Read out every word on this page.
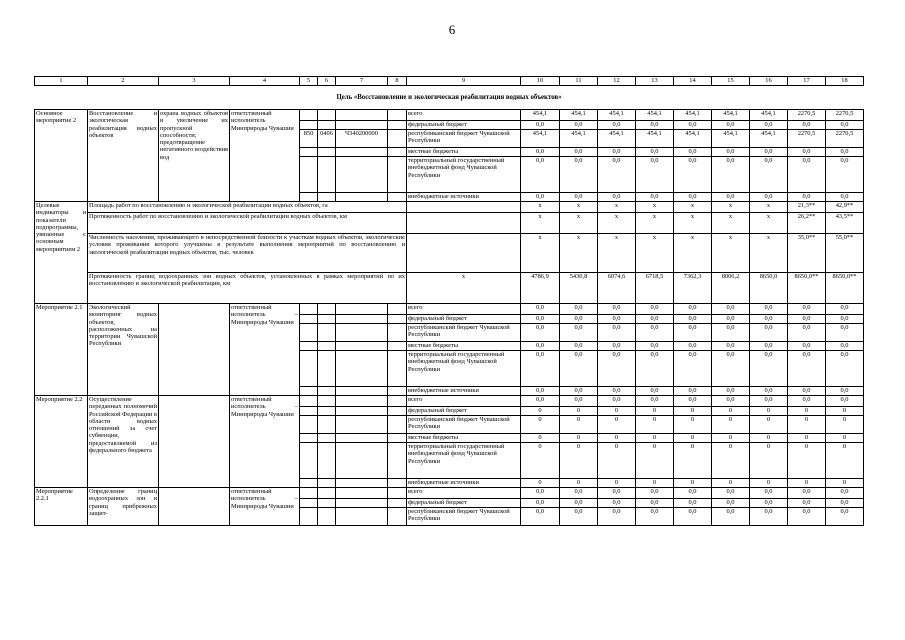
6
1	2	3	4	5	6	7	8	9	10	11	12	13	14	15	16	17	18
Цель «Восстановление и экологическая реабилитация водных объектов»																	
Основное мероприятие 2	Восстановление и экологическая реабилитация водных объектов	охрана водных объектов и увеличение их пропускной способности; предотвращение негативного воздействия вод	ответственный исполнитель Минприроды Чувашии					всего	454,1	454,1	454,1	454,1	454,1	454,1	454,1	2270,5	2270,5
								федеральный бюджет	0,0	0,0	0,0	0,0	0,0	0,0	0,0	0,0	0,0
				850	0406	Ч340200000		республиканский бюджет Чувашской Республики	454,1	454,1	454,1	454,1	454,1	454,1	454,1	2270,5	2270,5
								местные бюджеты	0,0	0,0	0,0	0,0	0,0	0,0	0,0	0,0	0,0
								территориальный государственный внебюджетный фонд Чувашской Республики	0,0	0,0	0,0	0,0	0,0	0,0	0,0	0,0	0,0
								внебюджетные источники	0,0	0,0	0,0	0,0	0,0	0,0	0,0	0,0	0,0
Целевые индикаторы и показатели подпрограммы, увязанные с основным мероприятием 2	Площадь работ по восстановлению и экологической реабилитации водных объектов, га								x	x	x	x	x	x	x	21,3**	42,9**
	Протяженность работ по восстановлению и экологической реабилитации водных объектов, км								x	x	x	x	x	x	x	26,2**	43,5**
	Численность населения, проживающего в непосредственной близости к участкам водных объектов, экологические условия проживания которого улучшены в результате выполнения мероприятий по восстановлению и экологической реабилитации водных объектов, тыс. человек								x	x	x	x	x	x	x	35,0**	55,0**
	Протяженность границ водоохранных зон водных объектов, установленных в рамках мероприятий по их восстановлению и экологической реабилитации, км							x	4786,9	5430,8	6074,6	6718,5	7362,3	8006,2	8650,0	8650,0**	8650,0**
Мероприятие 2.1	Экологический мониторинг водных объектов, расположенных на территории Чувашской Республики		ответственный исполнитель – Минприроды Чувашии					всего	0,0	0,0	0,0	0,0	0,0	0,0	0,0	0,0	0,0
								федеральный бюджет	0,0	0,0	0,0	0,0	0,0	0,0	0,0	0,0	0,0
								республиканский бюджет Чувашской Республики	0,0	0,0	0,0	0,0	0,0	0,0	0,0	0,0	0,0
								местные бюджеты	0,0	0,0	0,0	0,0	0,0	0,0	0,0	0,0	0,0
								территориальный государственный внебюджетный фонд Чувашской Республики	0,0	0,0	0,0	0,0	0,0	0,0	0,0	0,0	0,0
								внебюджетные источники	0,0	0,0	0,0	0,0	0,0	0,0	0,0	0,0	0,0
Мероприятие 2.2	Осуществление переданных полномочий Российской Федерации в области водных отношений за счет субвенции, предоставляемой из федерального бюджета		ответственный исполнитель – Минприроды Чувашии					всего	0,0	0,0	0,0	0,0	0,0	0,0	0,0	0,0	0,0
								федеральный бюджет	0	0	0	0	0	0	0	0	0
								республиканский бюджет Чувашской Республики	0	0	0	0	0	0	0	0	0
								местные бюджеты	0	0	0	0	0	0	0	0	0
								территориальный государственный внебюджетный фонд Чувашской Республики	0	0	0	0	0	0	0	0	0
								внебюджетные источники	0	0	0	0	0	0	0	0	0
Мероприятие 2.2.1	Определение границ водоохранных зон и границ прибрежных защит-		ответственный исполнитель – Минприроды Чувашии					всего	0,0	0,0	0,0	0,0	0,0	0,0	0,0	0,0	0,0
								федеральный бюджет	0,0	0,0	0,0	0,0	0,0	0,0	0,0	0,0	0,0
								республиканский бюджет Чувашской Республики	0,0	0,0	0,0	0,0	0,0	0,0	0,0	0,0	0,0
